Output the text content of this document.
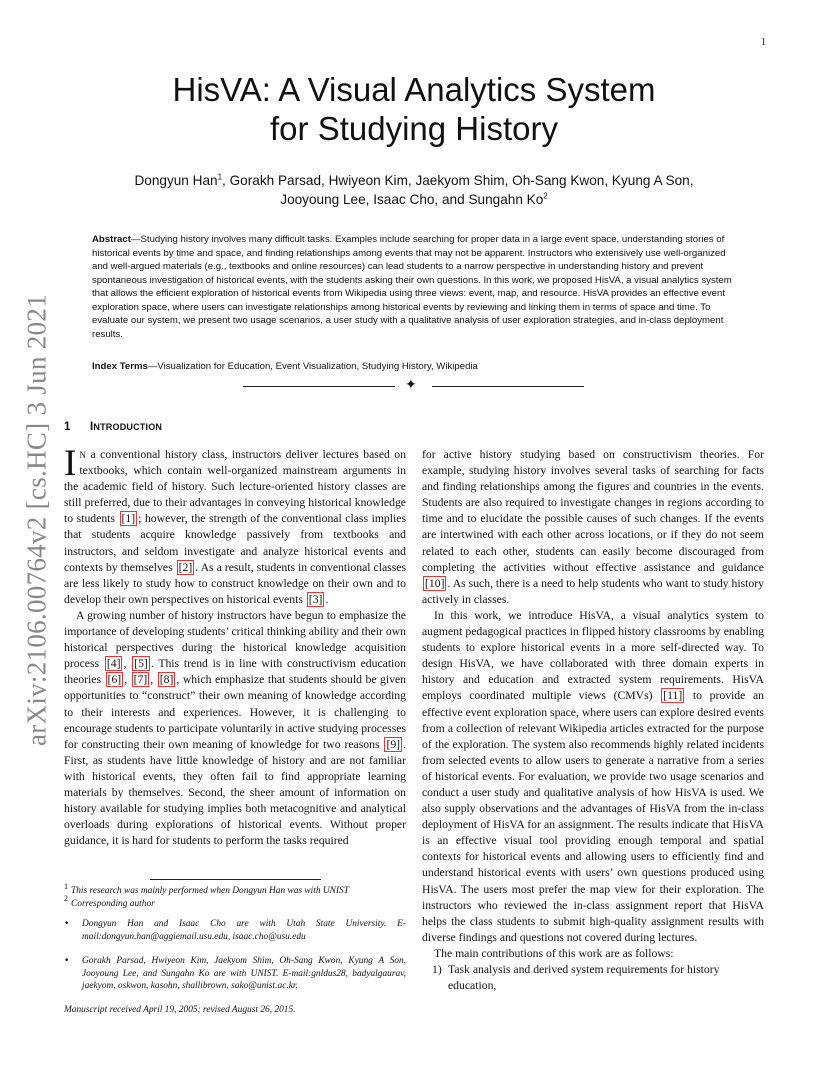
1
arXiv:2106.00764v2 [cs.HC] 3 Jun 2021
HisVA: A Visual Analytics System
for Studying History
Dongyun Han$^1$, Gorakh Parsad, Hwiyeon Kim, Jaekyom Shim, Oh-Sang Kwon, Kyung A Son,
Jooyoung Lee, Isaac Cho, and Sungahn Ko$^2$
Abstract—Studying history involves many difficult tasks. Examples include searching for proper data in a large event space, understanding stories of historical events by time and space, and finding relationships among events that may not be apparent. Instructors who extensively use well-organized and well-argued materials (e.g., textbooks and online resources) can lead students to a narrow perspective in understanding history and prevent spontaneous investigation of historical events, with the students asking their own questions. In this work, we proposed HisVA, a visual analytics system that allows the efficient exploration of historical events from Wikipedia using three views: event, map, and resource. HisVA provides an effective event exploration space, where users can investigate relationships among historical events by reviewing and linking them in terms of space and time. To evaluate our system, we present two usage scenarios, a user study with a qualitative analysis of user exploration strategies, and in-class deployment results.
Index Terms—Visualization for Education, Event Visualization, Studying History, Wikipedia
✦
1 INTRODUCTION

I N a conventional history class, instructors deliver lectures based on textbooks, which contain well-organized mainstream arguments in the academic field of history. Such lecture-oriented history classes are still preferred, due to their advantages in conveying historical knowledge to students [1] ; however, the strength of the conventional class implies that students acquire knowledge passively from textbooks and instructors, and seldom investigate and analyze historical events and contexts by themselves [2] . As a result, students in conventional classes are less likely to study how to construct knowledge on their own and to develop their own perspectives on historical events [3] .

A growing number of history instructors have begun to emphasize the importance of developing students’ critical thinking ability and their own historical perspectives during the historical knowledge acquisition process [4] , [5] . This trend is in line with constructivism education theories [6] , [7] , [8] , which emphasize that students should be given opportunities to “construct” their own meaning of knowledge according to their interests and experiences. However, it is challenging to encourage students to participate voluntarily in active studying processes for constructing their own meaning of knowledge for two reasons [9] . First, as students have little knowledge of history and are not familiar with historical events, they often fail to find appropriate learning materials by themselves. Second, the sheer amount of information on history available for studying implies both metacognitive and analytical overloads during explorations of historical events. Without proper guidance, it is hard for students to perform the tasks required

$^1$ This research was mainly performed when Dongyun Han was with UNIST

$^2$ Corresponding author

• Dongyun Han and Isaac Cho are with Utah State University. E-mail:dongyun.han@aggiemail.usu.edu, isaac.cho@usu.edu
• Gorakh Parsad, Hwiyeon Kim, Jaekyom Shim, Oh-Sang Kwon, Kyung A Son, Jooyoung Lee, and Sungahn Ko are with UNIST. E-mail:gnldus28, badyalgaurav, jaekyom, oskwon, kasohn, shallibrown, sako@unist.ac.kr.

Manuscript received April 19, 2005; revised August 26, 2015.

for active history studying based on constructivism theories. For example, studying history involves several tasks of searching for facts and finding relationships among the figures and countries in the events. Students are also required to investigate changes in regions according to time and to elucidate the possible causes of such changes. If the events are intertwined with each other across locations, or if they do not seem related to each other, students can easily become discouraged from completing the activities without effective assistance and guidance [10] . As such, there is a need to help students who want to study history actively in classes.

In this work, we introduce HisVA, a visual analytics system to augment pedagogical practices in flipped history classrooms by enabling students to explore historical events in a more self-directed way. To design HisVA, we have collaborated with three domain experts in history and education and extracted system requirements. HisVA employs coordinated multiple views (CMVs) [11] to provide an effective event exploration space, where users can explore desired events from a collection of relevant Wikipedia articles extracted for the purpose of the exploration. The system also recommends highly related incidents from selected events to allow users to generate a narrative from a series of historical events. For evaluation, we provide two usage scenarios and conduct a user study and qualitative analysis of how HisVA is used. We also supply observations and the advantages of HisVA from the in-class deployment of HisVA for an assignment. The results indicate that HisVA is an effective visual tool providing enough temporal and spatial contexts for historical events and allowing users to efficiently find and understand historical events with users’ own questions produced using HisVA. The users most prefer the map view for their exploration. The instructors who reviewed the in-class assignment report that HisVA helps the class students to submit high-quality assignment results with diverse findings and questions not covered during lectures.

The main contributions of this work are as follows:

1) Task analysis and derived system requirements for history education,
